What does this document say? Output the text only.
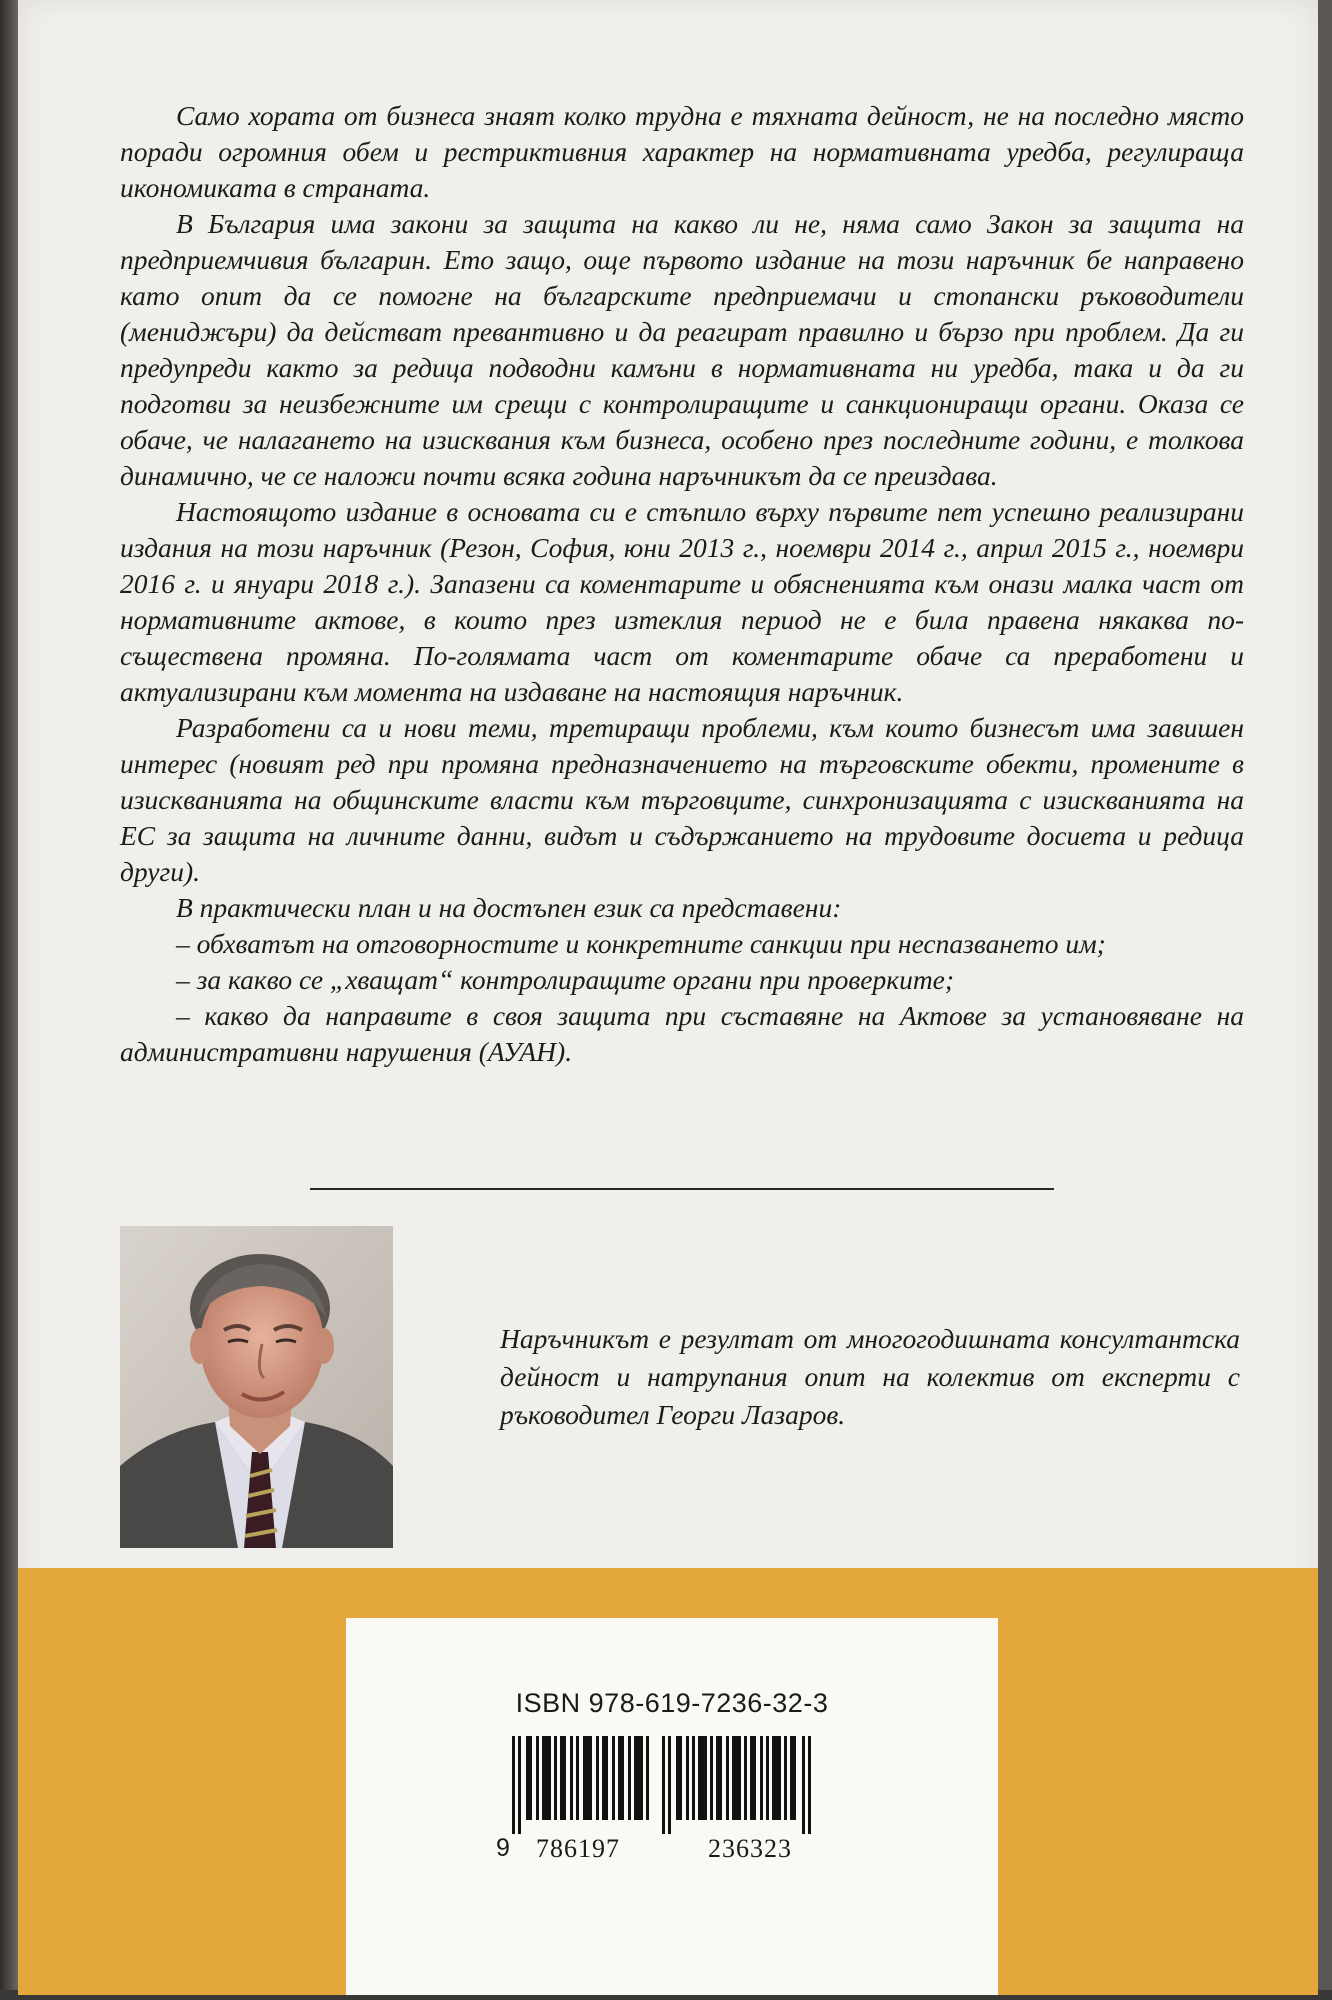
Само хората от бизнеса знаят колко трудна е тяхната дейност, не на последно място поради огромния обем и рестриктивния характер на нормативната уредба, регулираща икономиката в страната.

В България има закони за защита на какво ли не, няма само Закон за защита на предприемчивия българин. Ето защо, още първото издание на този наръчник бе направено като опит да се помогне на българските предприемачи и стопански ръководители (мениджъри) да действат превантивно и да реагират правилно и бързо при проблем. Да ги предупреди както за редица подводни камъни в нормативната ни уредба, така и да ги подготви за неизбежните им срещи с контролиращите и санкциониращи органи. Оказа се обаче, че налагането на изисквания към бизнеса, особено през последните години, е толкова динамично, че се наложи почти всяка година наръчникът да се преиздава.

Настоящото издание в основата си е стъпило върху първите пет успешно реализирани издания на този наръчник (Резон, София, юни 2013 г., ноември 2014 г., април 2015 г., ноември 2016 г. и януари 2018 г.). Запазени са коментарите и обясненията към онази малка част от нормативните актове, в които през изтеклия период не е била правена някаква по-съществена промяна. По-голямата част от коментарите обаче са преработени и актуализирани към момента на издаване на настоящия наръчник.

Разработени са и нови теми, третиращи проблеми, към които бизнесът има завишен интерес (новият ред при промяна предназначението на търговските обекти, промените в изискванията на общинските власти към търговците, синхронизацията с изискванията на ЕС за защита на личните данни, видът и съдържанието на трудовите досиета и редица други).

В практически план и на достъпен език са представени:

– обхватът на отговорностите и конкретните санкции при неспазването им;

– за какво се „хващат“ контролиращите органи при проверките;

– какво да направите в своя защита при съставяне на Актове за установяване на административни нарушения (АУАН).

Наръчникът е резултат от многогодишната консултантска дейност и натрупания опит на колектив от експерти с ръководител Георги Лазаров.

ISBN 978-619-7236-32-3
9 786197	236323
